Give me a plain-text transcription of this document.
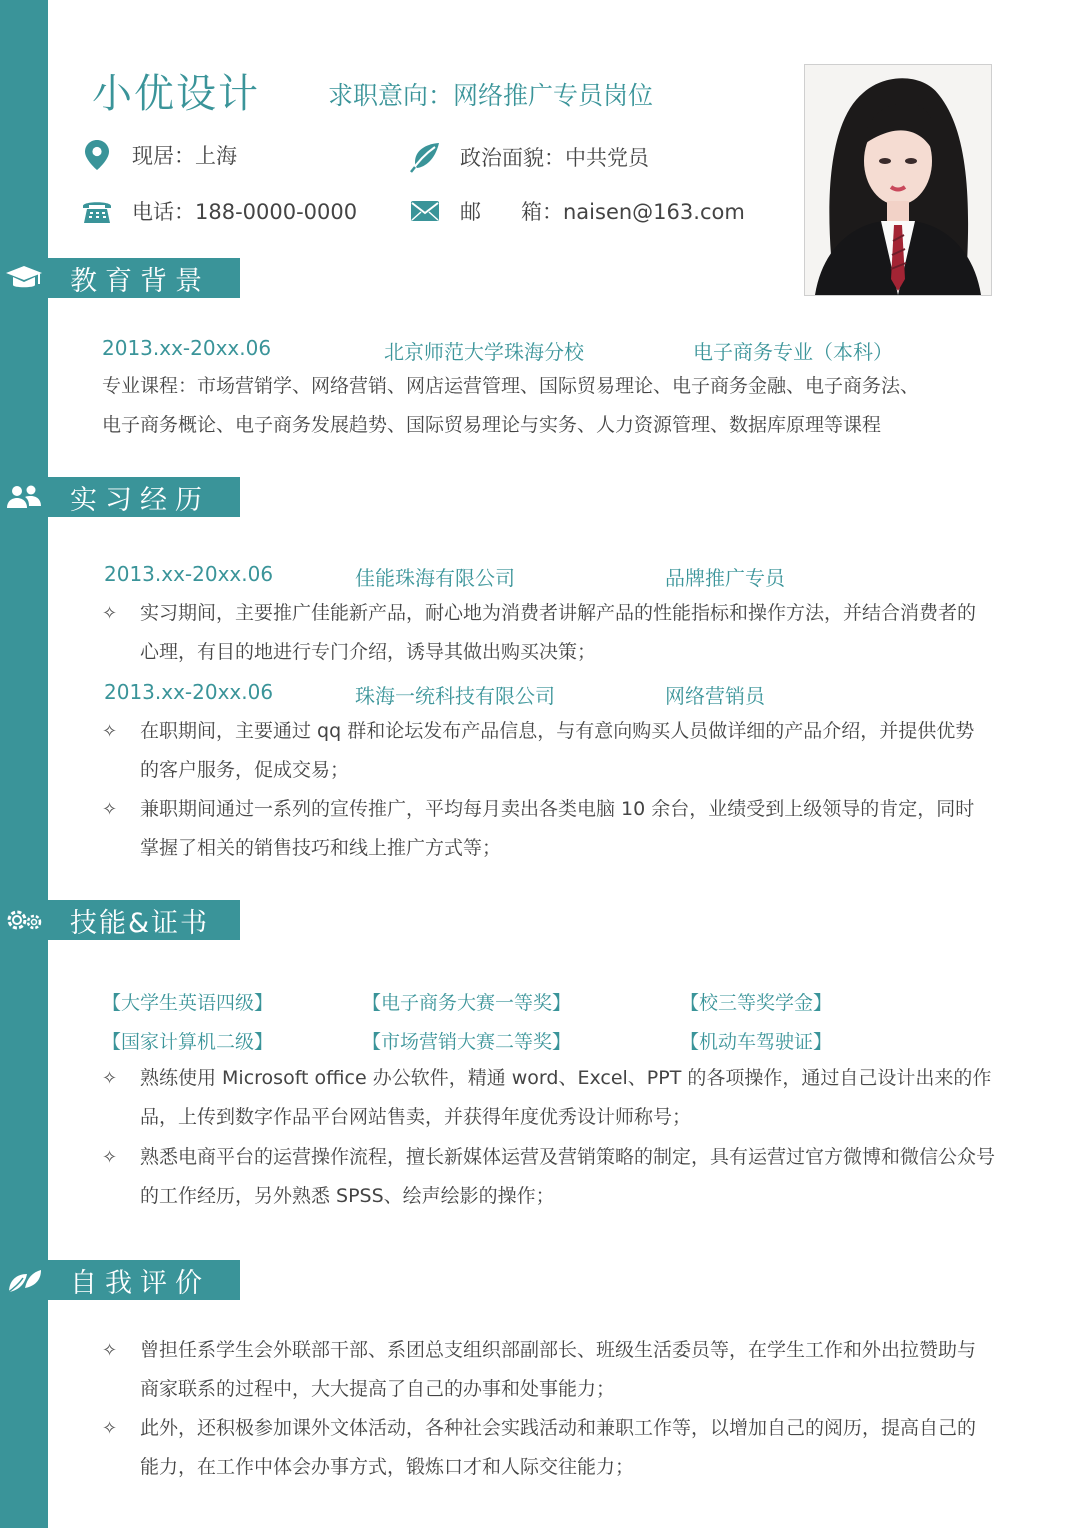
小优设计	求职意向：网络推广专员岗位
现居：上海	政治面貌：中共党员
电话：188-0000-0000	邮 箱：naisen@163.com
教育背景
2013.xx-20xx.06	北京师范大学珠海分校	电子商务专业（本科）
专业课程：市场营销学、网络营销、网店运营管理、国际贸易理论、电子商务金融、电子商务法、
电子商务概论、电子商务发展趋势、国际贸易理论与实务、人力资源管理、数据库原理等课程
实习经历
2013.xx-20xx.06	佳能珠海有限公司	品牌推广专员
✧	实习期间，主要推广佳能新产品，耐心地为消费者讲解产品的性能指标和操作方法，并结合消费者的心理，有目的地进行专门介绍，诱导其做出购买决策；
2013.xx-20xx.06	珠海一统科技有限公司	网络营销员
✧	在职期间，主要通过 qq 群和论坛发布产品信息，与有意向购买人员做详细的产品介绍，并提供优势的客户服务，促成交易；
✧	兼职期间通过一系列的宣传推广，平均每月卖出各类电脑 10 余台，业绩受到上级领导的肯定，同时掌握了相关的销售技巧和线上推广方式等；
技能&证书
【大学生英语四级】	【电子商务大赛一等奖】	【校三等奖学金】
【国家计算机二级】	【市场营销大赛二等奖】	【机动车驾驶证】
✧	熟练使用 Microsoft office 办公软件，精通 word、Excel、PPT 的各项操作，通过自己设计出来的作品，上传到数字作品平台网站售卖，并获得年度优秀设计师称号；
✧	熟悉电商平台的运营操作流程，擅长新媒体运营及营销策略的制定，具有运营过官方微博和微信公众号的工作经历，另外熟悉 SPSS、绘声绘影的操作；
自我评价
✧	曾担任系学生会外联部干部、系团总支组织部副部长、班级生活委员等，在学生工作和外出拉赞助与商家联系的过程中，大大提高了自己的办事和处事能力；
✧	此外，还积极参加课外文体活动，各种社会实践活动和兼职工作等，以增加自己的阅历，提高自己的能力，在工作中体会办事方式，锻炼口才和人际交往能力；
